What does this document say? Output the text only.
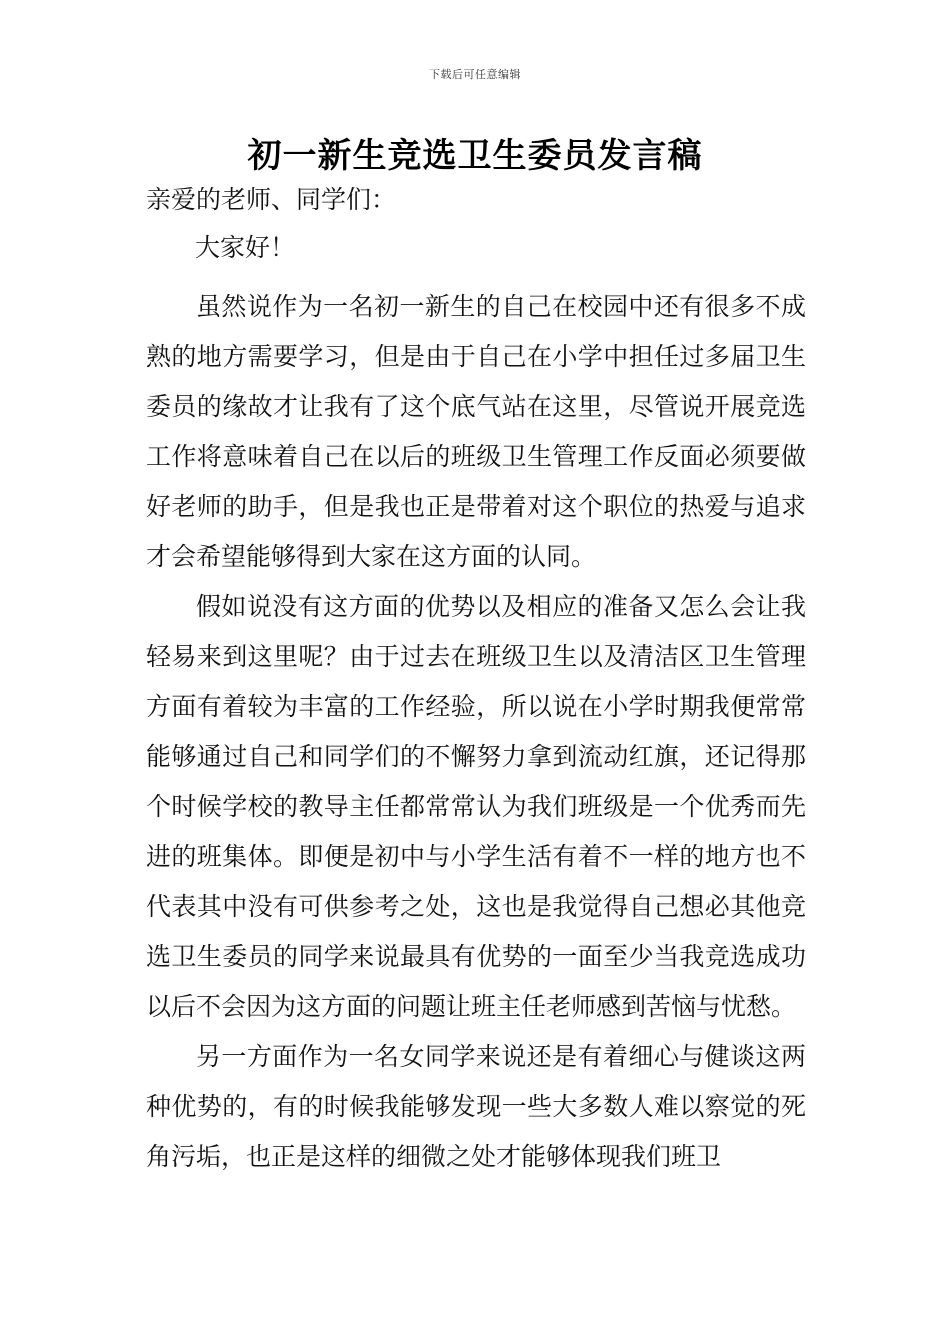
下载后可任意编辑
初一新生竞选卫生委员发言稿

亲爱的老师、同学们：

大家好！

虽然说作为一名初一新生的自己在校园中还有很多不成熟的地方需要学习，但是由于自己在小学中担任过多届卫生委员的缘故才让我有了这个底气站在这里，尽管说开展竞选工作将意味着自己在以后的班级卫生管理工作反面必须要做好老师的助手，但是我也正是带着对这个职位的热爱与追求才会希望能够得到大家在这方面的认同。

假如说没有这方面的优势以及相应的准备又怎么会让我轻易来到这里呢？由于过去在班级卫生以及清洁区卫生管理方面有着较为丰富的工作经验，所以说在小学时期我便常常能够通过自己和同学们的不懈努力拿到流动红旗，还记得那个时候学校的教导主任都常常认为我们班级是一个优秀而先进的班集体。即便是初中与小学生活有着不一样的地方也不代表其中没有可供参考之处，这也是我觉得自己想必其他竞选卫生委员的同学来说最具有优势的一面至少当我竞选成功以后不会因为这方面的问题让班主任老师感到苦恼与忧愁。

另一方面作为一名女同学来说还是有着细心与健谈这两种优势的，有的时候我能够发现一些大多数人难以察觉的死角污垢，也正是这样的细微之处才能够体现我们班卫
